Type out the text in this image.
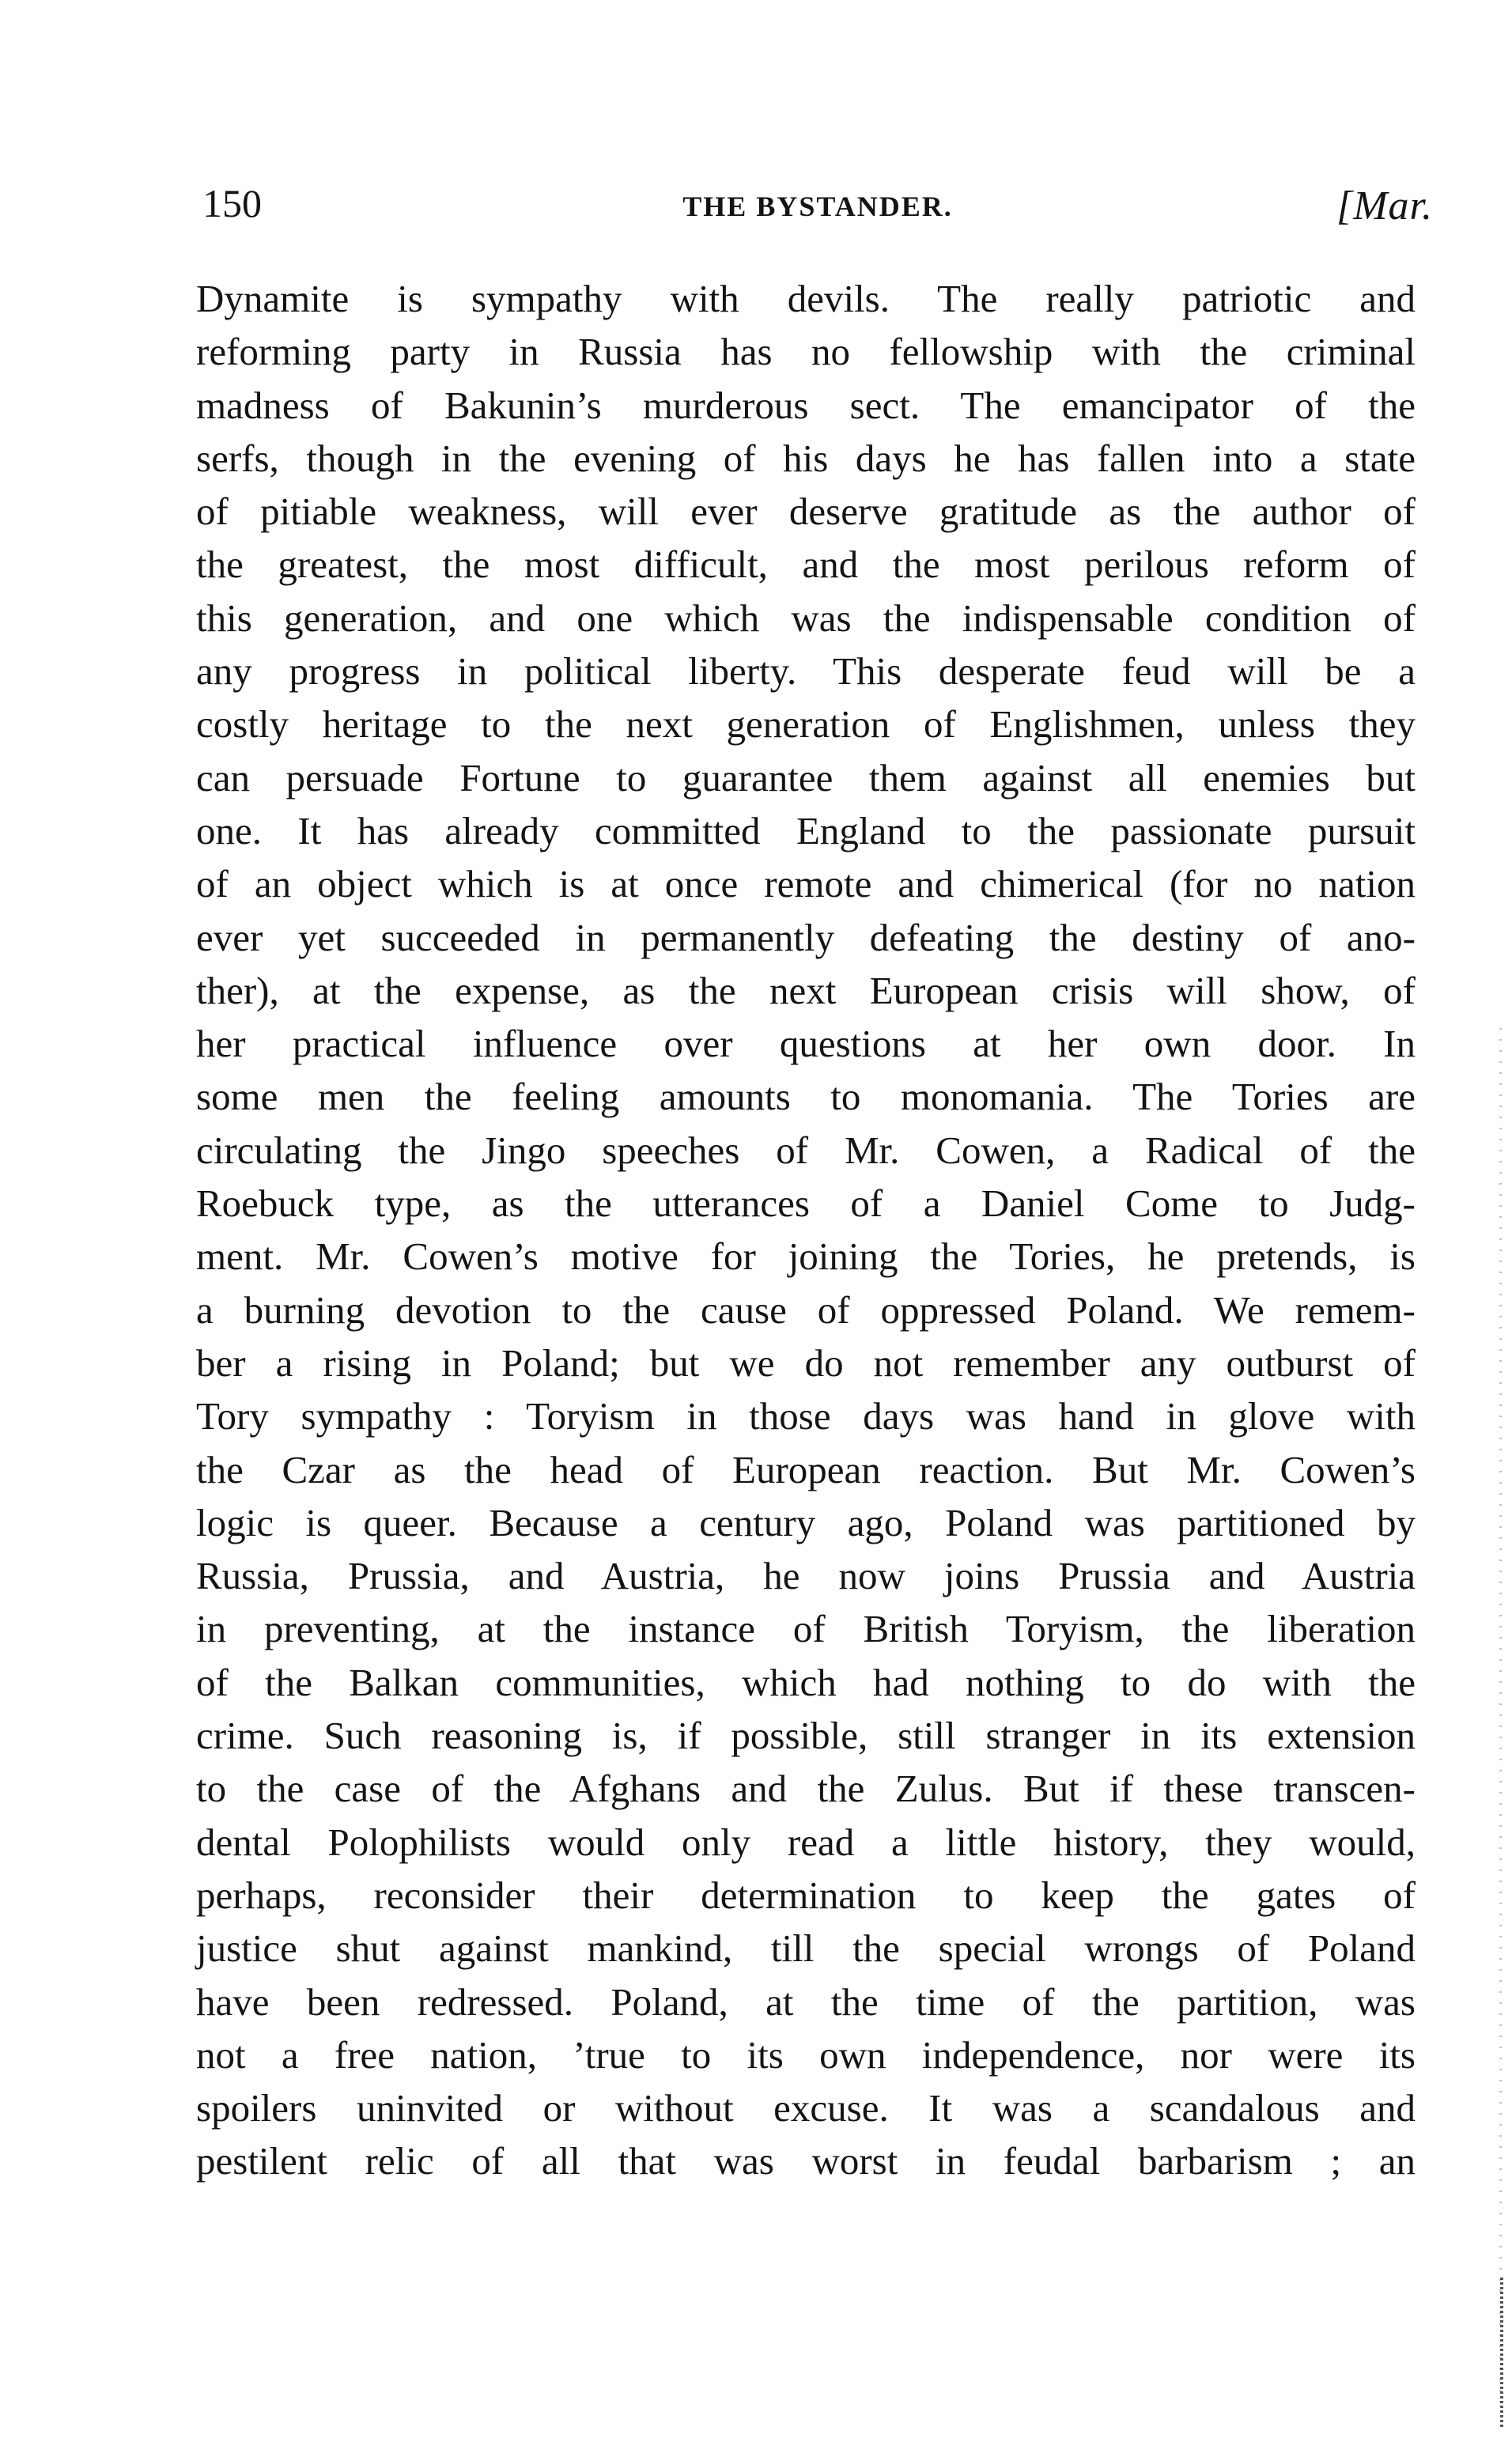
150	THE BYSTANDER.	[Mar.
Dynamite is sympathy with devils. The really patriotic and
reforming party in Russia has no fellowship with the criminal
madness of Bakunin’s murderous sect. The emancipator of the
serfs, though in the evening of his days he has fallen into a state
of pitiable weakness, will ever deserve gratitude as the author of
the greatest, the most difficult, and the most perilous reform of
this generation, and one which was the indispensable condition of
any progress in political liberty. This desperate feud will be a
costly heritage to the next generation of Englishmen, unless they
can persuade Fortune to guarantee them against all enemies but
one. It has already committed England to the passionate pursuit
of an object which is at once remote and chimerical (for no nation
ever yet succeeded in permanently defeating the destiny of ano-
ther), at the expense, as the next European crisis will show, of
her practical influence over questions at her own door. In
some men the feeling amounts to monomania. The Tories are
circulating the Jingo speeches of Mr. Cowen, a Radical of the
Roebuck type, as the utterances of a Daniel Come to Judg-
ment. Mr. Cowen’s motive for joining the Tories, he pretends, is
a burning devotion to the cause of oppressed Poland. We remem-
ber a rising in Poland; but we do not remember any outburst of
Tory sympathy : Toryism in those days was hand in glove with
the Czar as the head of European reaction. But Mr. Cowen’s
logic is queer. Because a century ago, Poland was partitioned by
Russia, Prussia, and Austria, he now joins Prussia and Austria
in preventing, at the instance of British Toryism, the liberation
of the Balkan communities, which had nothing to do with the
crime. Such reasoning is, if possible, still stranger in its extension
to the case of the Afghans and the Zulus. But if these transcen-
dental Polophilists would only read a little history, they would,
perhaps, reconsider their determination to keep the gates of
justice shut against mankind, till the special wrongs of Poland
have been redressed. Poland, at the time of the partition, was
not a free nation, ’true to its own independence, nor were its
spoilers uninvited or without excuse. It was a scandalous and
pestilent relic of all that was worst in feudal barbarism ; an
